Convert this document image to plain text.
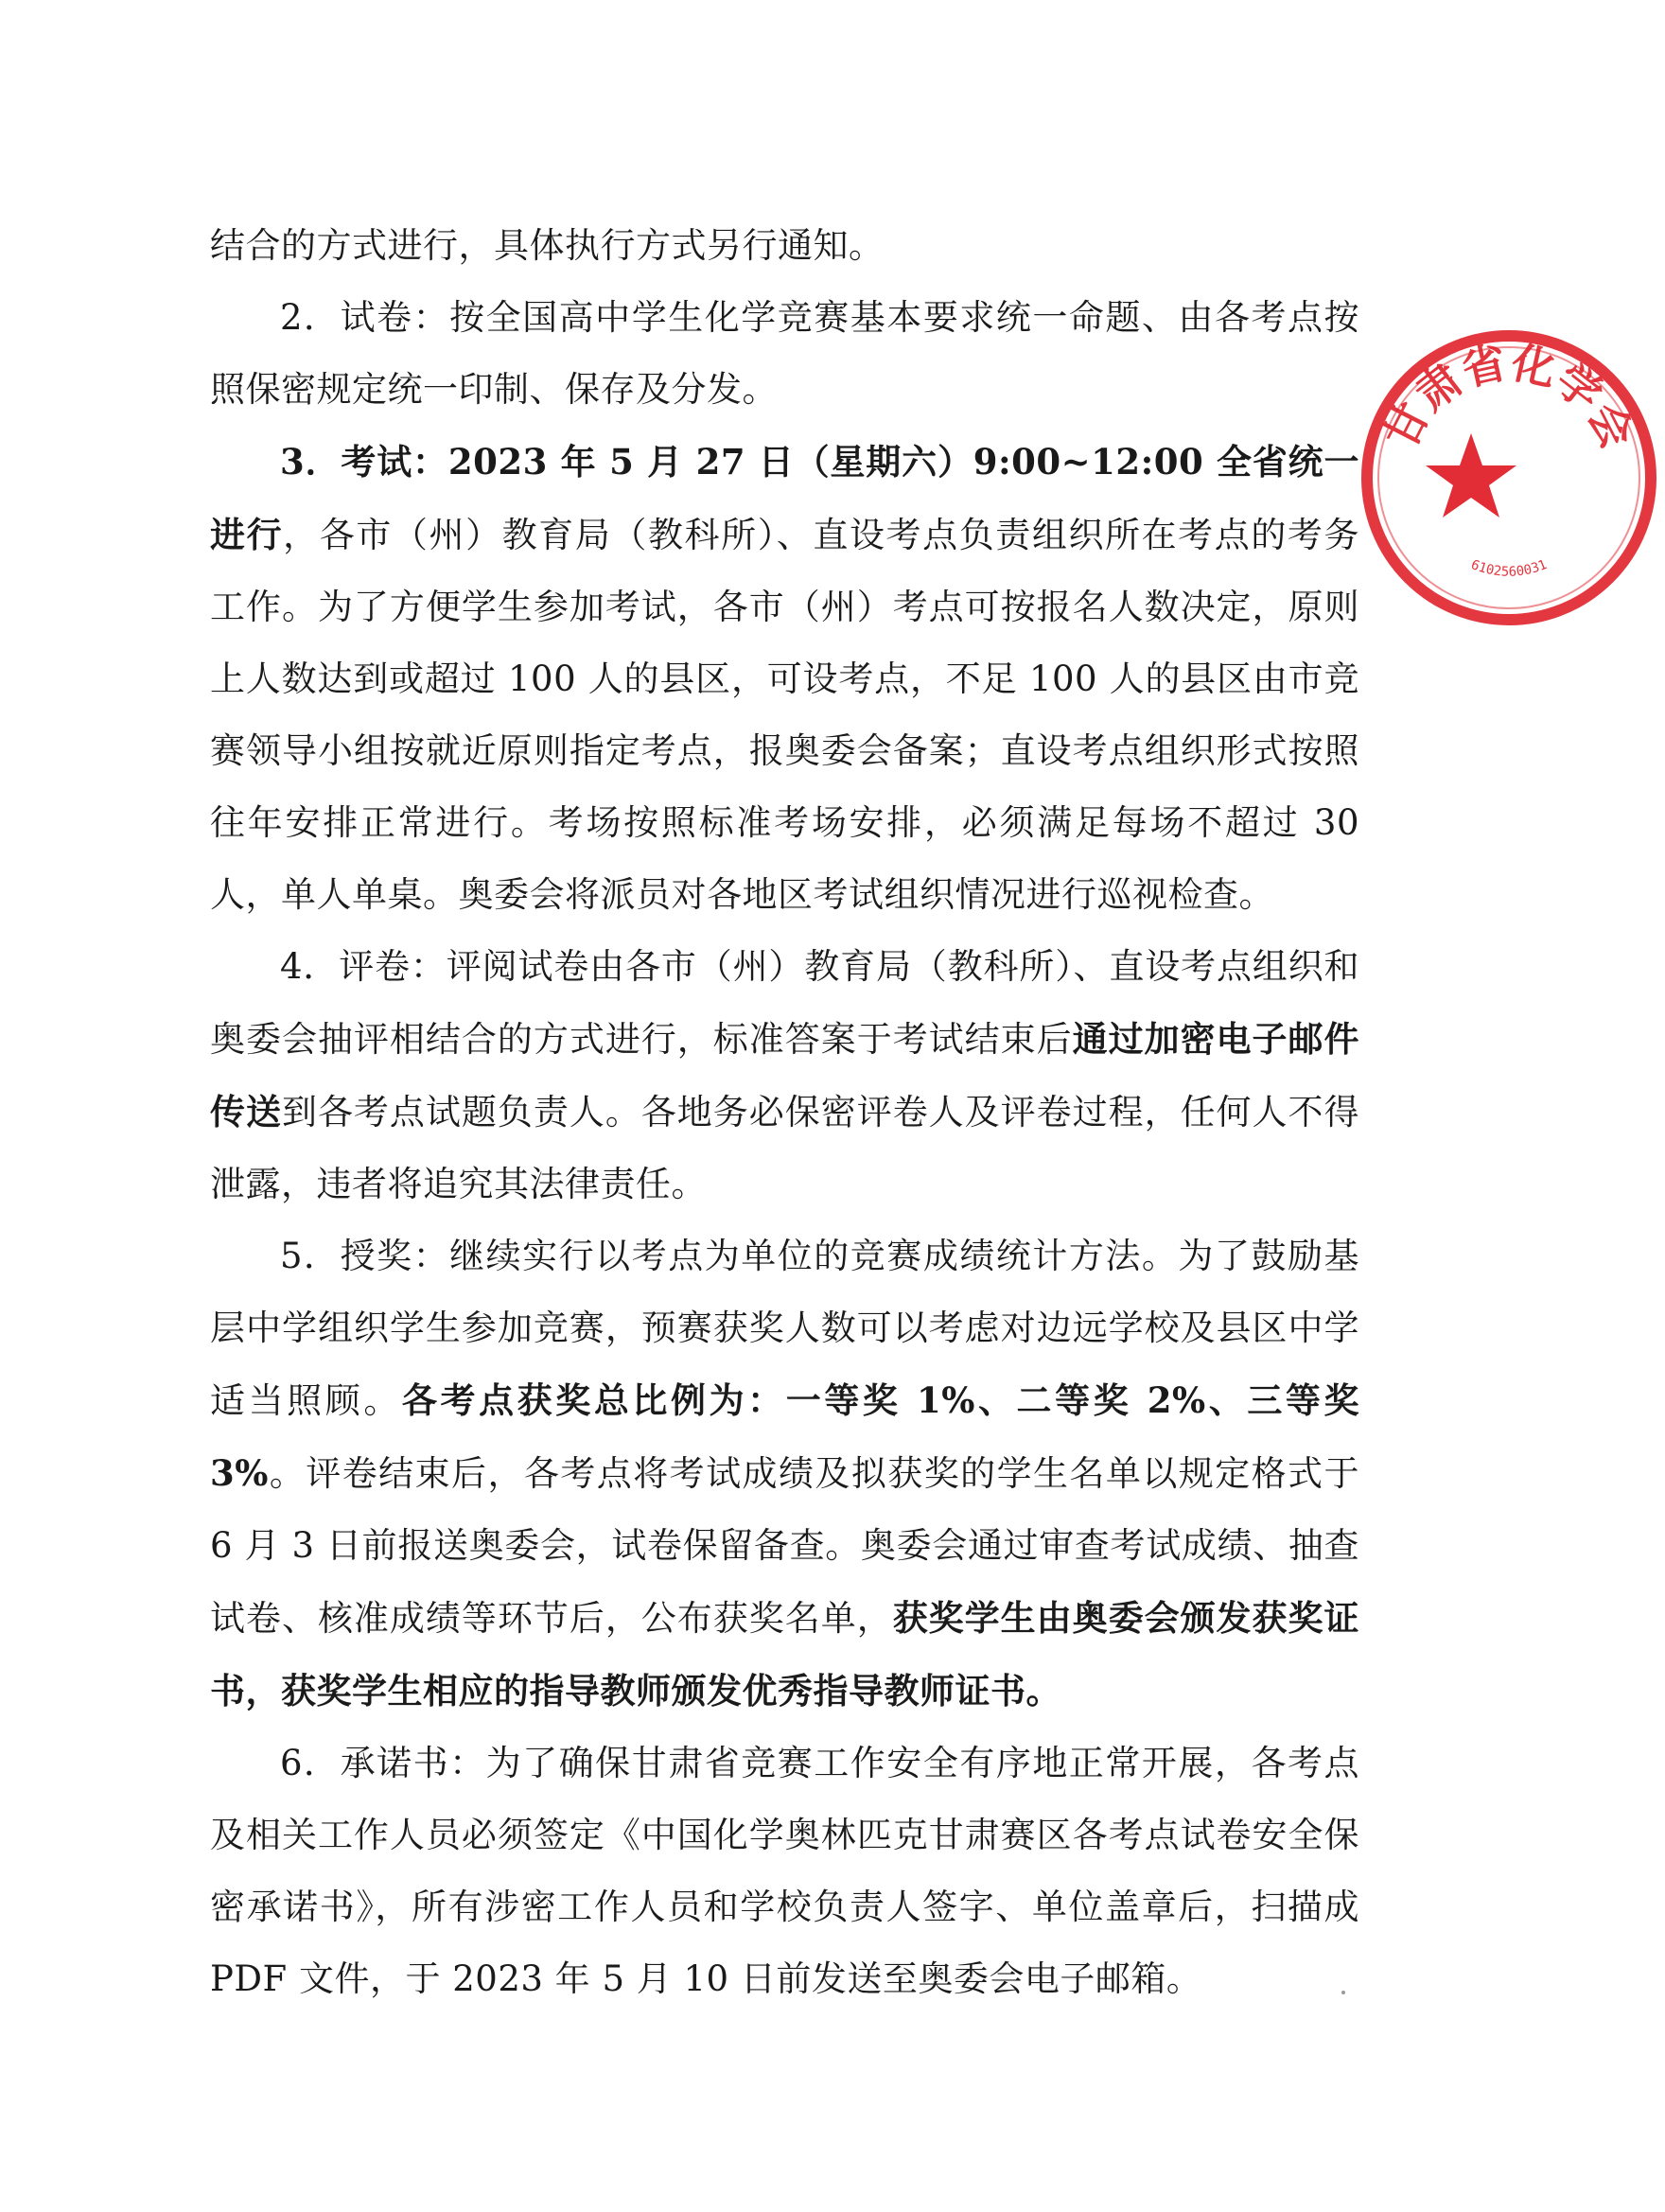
结合的方式进行，具体执行方式另行通知。

2．试卷：按全国高中学生化学竞赛基本要求统一命题、由各考点按照保密规定统一印制、保存及分发。

3．考试：2023 年 5 月 27 日（星期六）9:00~12:00 全省统一进行，各市（州）教育局（教科所）、直设考点负责组织所在考点的考务工作。为了方便学生参加考试，各市（州）考点可按报名人数决定，原则上人数达到或超过 100 人的县区，可设考点，不足 100 人的县区由市竞赛领导小组按就近原则指定考点，报奥委会备案；直设考点组织形式按照往年安排正常进行。考场按照标准考场安排，必须满足每场不超过 30 人，单人单桌。奥委会将派员对各地区考试组织情况进行巡视检查。

4．评卷：评阅试卷由各市（州）教育局（教科所）、直设考点组织和奥委会抽评相结合的方式进行，标准答案于考试结束后通过加密电子邮件传送到各考点试题负责人。各地务必保密评卷人及评卷过程，任何人不得泄露，违者将追究其法律责任。

5．授奖：继续实行以考点为单位的竞赛成绩统计方法。为了鼓励基层中学组织学生参加竞赛，预赛获奖人数可以考虑对边远学校及县区中学适当照顾。各考点获奖总比例为：一等奖 1%、二等奖 2%、三等奖 3%。评卷结束后，各考点将考试成绩及拟获奖的学生名单以规定格式于 6 月 3 日前报送奥委会，试卷保留备查。奥委会通过审查考试成绩、抽查试卷、核准成绩等环节后，公布获奖名单，获奖学生由奥委会颁发获奖证书，获奖学生相应的指导教师颁发优秀指导教师证书。

6．承诺书：为了确保甘肃省竞赛工作安全有序地正常开展，各考点及相关工作人员必须签定《中国化学奥林匹克甘肃赛区各考点试卷安全保密承诺书》，所有涉密工作人员和学校负责人签字、单位盖章后，扫描成 PDF 文件，于 2023 年 5 月 10 日前发送至奥委会电子邮箱。

甘肃省化学会
6102560031
